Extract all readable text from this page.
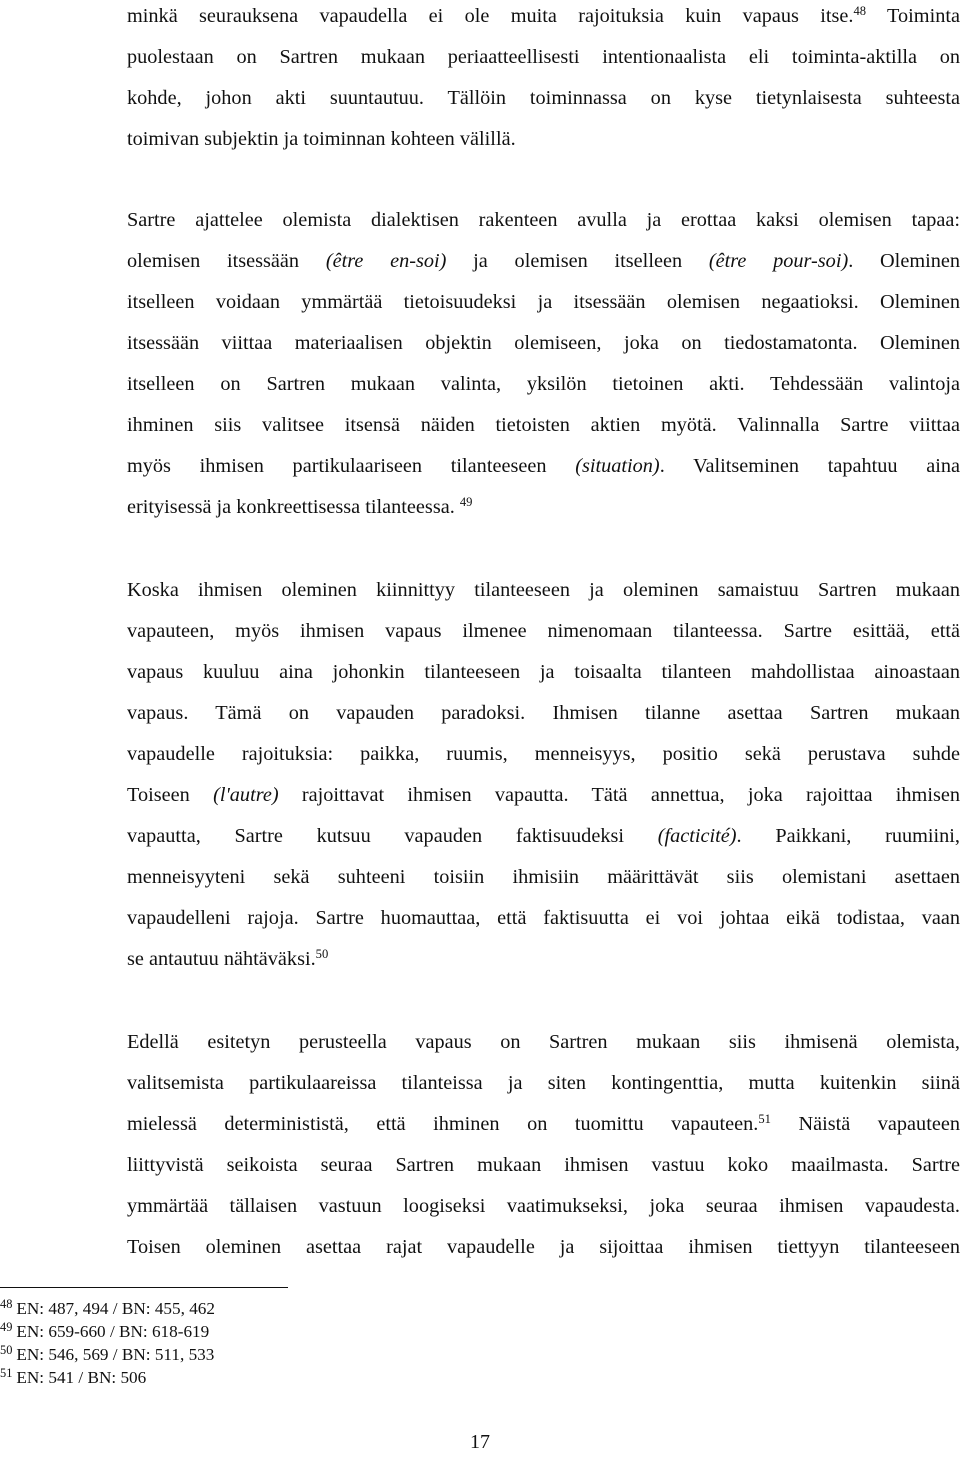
minkä seurauksena vapaudella ei ole muita rajoituksia kuin vapaus itse.$^{48}$ Toiminta
puolestaan on Sartren mukaan periaatteellisesti intentionaalista eli toiminta-aktilla on
kohde, johon akti suuntautuu. Tällöin toiminnassa on kyse tietynlaisesta suhteesta
toimivan subjektin ja toiminnan kohteen välillä.
Sartre ajattelee olemista dialektisen rakenteen avulla ja erottaa kaksi olemisen tapaa:
olemisen itsessään (être en-soi) ja olemisen itselleen (être pour-soi). Oleminen
itselleen voidaan ymmärtää tietoisuudeksi ja itsessään olemisen negaatioksi. Oleminen
itsessään viittaa materiaalisen objektin olemiseen, joka on tiedostamatonta. Oleminen
itselleen on Sartren mukaan valinta, yksilön tietoinen akti. Tehdessään valintoja
ihminen siis valitsee itsensä näiden tietoisten aktien myötä. Valinnalla Sartre viittaa
myös ihmisen partikulaariseen tilanteeseen (situation). Valitseminen tapahtuu aina
erityisessä ja konkreettisessa tilanteessa. $^{49}$
Koska ihmisen oleminen kiinnittyy tilanteeseen ja oleminen samaistuu Sartren mukaan
vapauteen, myös ihmisen vapaus ilmenee nimenomaan tilanteessa. Sartre esittää, että
vapaus kuuluu aina johonkin tilanteeseen ja toisaalta tilanteen mahdollistaa ainoastaan
vapaus. Tämä on vapauden paradoksi. Ihmisen tilanne asettaa Sartren mukaan
vapaudelle rajoituksia: paikka, ruumis, menneisyys, positio sekä perustava suhde
Toiseen (l'autre) rajoittavat ihmisen vapautta. Tätä annettua, joka rajoittaa ihmisen
vapautta, Sartre kutsuu vapauden faktisuudeksi (facticité). Paikkani, ruumiini,
menneisyyteni sekä suhteeni toisiin ihmisiin määrittävät siis olemistani asettaen
vapaudelleni rajoja. Sartre huomauttaa, että faktisuutta ei voi johtaa eikä todistaa, vaan
se antautuu nähtäväksi.$^{50}$
Edellä esitetyn perusteella vapaus on Sartren mukaan siis ihmisenä olemista,
valitsemista partikulaareissa tilanteissa ja siten kontingenttia, mutta kuitenkin siinä
mielessä determinististä, että ihminen on tuomittu vapauteen.$^{51}$ Näistä vapauteen
liittyvistä seikoista seuraa Sartren mukaan ihmisen vastuu koko maailmasta. Sartre
ymmärtää tällaisen vastuun loogiseksi vaatimukseksi, joka seuraa ihmisen vapaudesta.
Toisen oleminen asettaa rajat vapaudelle ja sijoittaa ihmisen tiettyyn tilanteeseen
$^{48}$ EN: 487, 494 / BN: 455, 462
$^{49}$ EN: 659-660 / BN: 618-619
$^{50}$ EN: 546, 569 / BN: 511, 533
$^{51}$ EN: 541 / BN: 506
17
